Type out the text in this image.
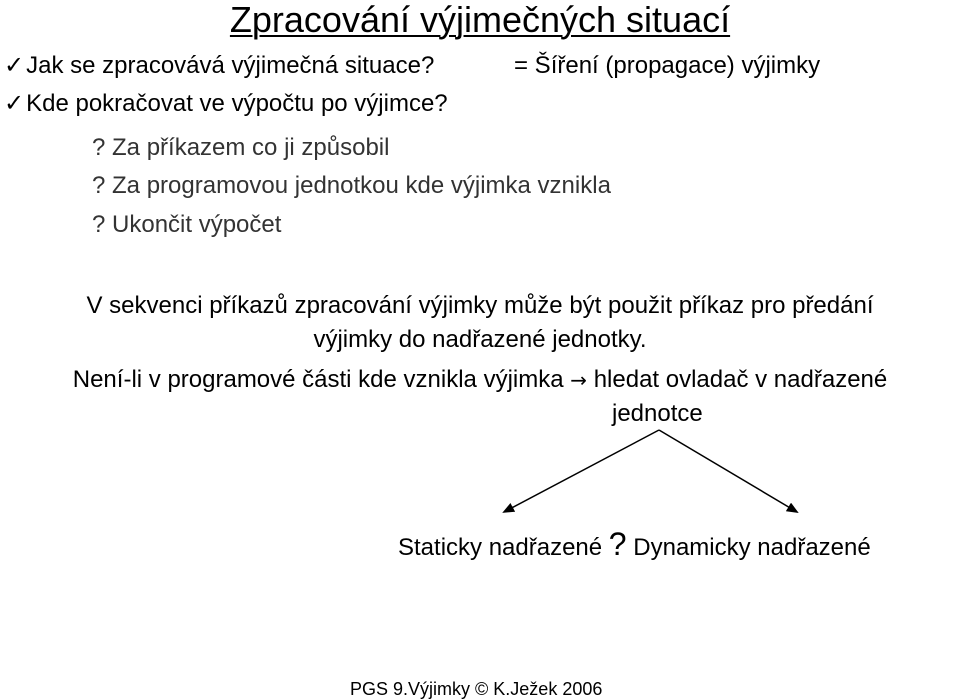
Zpracování výjimečných situací
✓Jak se zpracovává výjimečná situace?	= Šíření (propagace) výjimky
✓Kde pokračovat ve výpočtu po výjimce?
? Za příkazem co ji způsobil
? Za programovou jednotkou kde výjimka vznikla
? Ukončit výpočet
V sekvenci příkazů zpracování výjimky může být použit příkaz pro předání
výjimky do nadřazené jednotky.
Není-li v programové části kde vznikla výjimka → hledat ovladač v nadřazené
jednotce
Staticky nadřazené ? Dynamicky nadřazené
PGS 9.Výjimky © K.Ježek 2006
